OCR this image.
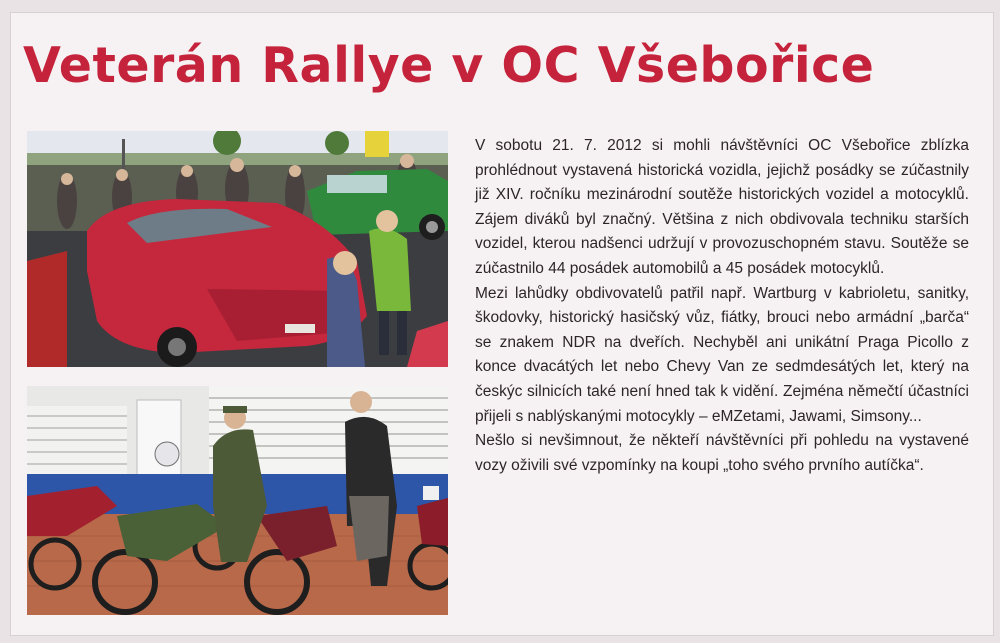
Veterán Rallye v OC Všebořice

V sobotu 21. 7. 2012 si mohli návštěvníci OC Všebořice zblízka prohlédnout vystavená historická vozidla, jejichž posádky se zúčastnily již XIV. ročníku mezinárodní soutěže historických vozidel a motocyklů. Zájem diváků byl značný. Většina z nich obdivovala techniku starších vozidel, kterou nadšenci udržují v provozuschopném stavu. Soutěže se zúčastnilo 44 posádek automobilů a 45 posádek motocyklů.

Mezi lahůdky obdivovatelů patřil např. Wartburg v kabrioletu, sanitky, škodovky, historický hasičský vůz, fiátky, brouci nebo armádní „barča“ se znakem NDR na dveřích. Nechyběl ani unikátní Praga Picollo z konce dvacátých let nebo Chevy Van ze sedmdesátých let, který na českýc silnicích také není hned tak k vidění. Zejména němečtí účastníci přijeli s nablýskanými motocykly – eMZetami, Jawami, Simsony...

Nešlo si nevšimnout, že někteří návštěvníci při pohledu na vystavené vozy oživili své vzpomínky na koupi „toho svého prvního autíčka“.
